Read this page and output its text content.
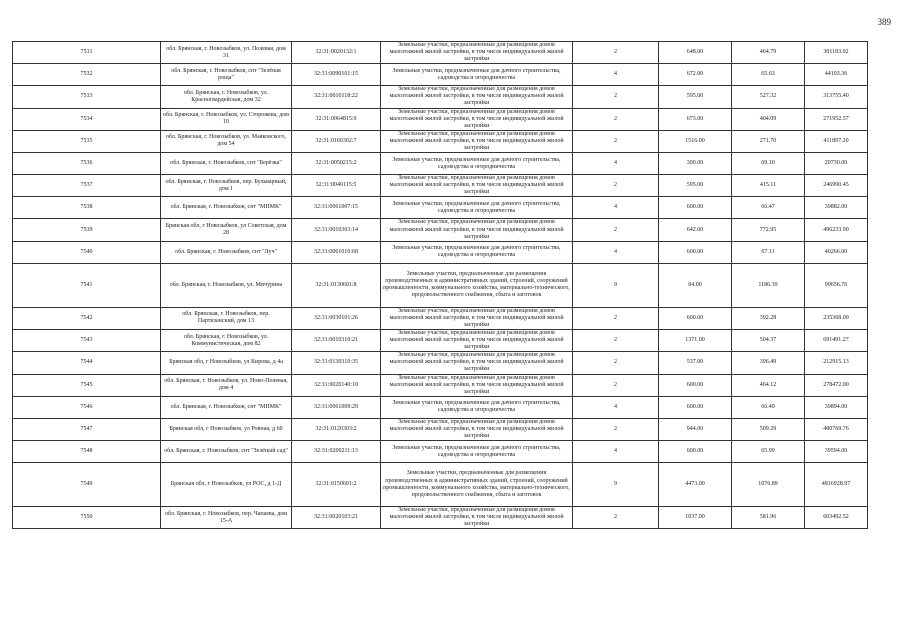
389
7531	обл. Брянская, г. Новозыбков, ул. Полевая, дом 31	32:31:0020132:1	Земельные участки, предназначенные для размещения домов малоэтажной жилой застройки, в том числе индивидуальной жилой застройки	2	648.00	464.79	301183.92
7532	обл. Брянская, г. Новозыбков, снт "Зелёная роща"	32:31:0090101:15	Земельные участки, предназначенные для дачного строительства, садоводства и огородничества	4	672.00	65.63	44103.36
7533	обл. Брянская, г. Новозыбков, ул. Красногвардейская, дом 32	32:31:0010118:22	Земельные участки, предназначенные для размещения домов малоэтажной жилой застройки, в том числе индивидуальной жилой застройки	2	595.00	527.32	313755.40
7534	обл. Брянская, г. Новозыбков, ул. Сторожева, дом 10	32:31:0064815:9	Земельные участки, предназначенные для размещения домов малоэтажной жилой застройки, в том числе индивидуальной жилой застройки	2	673.00	404.09	271952.57
7535	обл. Брянская, г. Новозыбков, ул. Маяковского, дом 54	32:31:0160302:7	Земельные участки, предназначенные для размещения домов малоэтажной жилой застройки, в том числе индивидуальной жилой застройки	2	1516.00	271.70	411897.20
7536	обл. Брянская, г. Новозыбков, снт "Берёзка"	32:31:0050215:2	Земельные участки, предназначенные для дачного строительства, садоводства и огородничества	4	300.00	69.10	20730.00
7537	обл. Брянская, г. Новозыбков, пер. Бульварный, дом 1	32:31:0040115:5	Земельные участки, предназначенные для размещения домов малоэтажной жилой застройки, в том числе индивидуальной жилой застройки	2	595.00	415.11	246990.45
7538	обл. Брянская, г. Новозыбков, снт "МПМК"	32:31:0061007:15	Земельные участки, предназначенные для дачного строительства, садоводства и огородничества	4	600.00	66.47	39882.00
7539	Брянская обл, г Новозыбков, ул Советская, дом 28	32:31:0010303:14	Земельные участки, предназначенные для размещения домов малоэтажной жилой застройки, в том числе индивидуальной жилой застройки	2	642.00	772.95	496233.90
7540	обл. Брянская, г. Новозыбков, снт "Луч"	32:31:0061010:68	Земельные участки, предназначенные для дачного строительства, садоводства и огородничества	4	600.00	67.11	40266.00
7541	обл. Брянская, г. Новозыбков, ул. Мичурина	32:31:0130601:8	Земельные участки, предназначенные для размещения производственных и административных зданий, строений, сооружений промышленности, коммунального хозяйства, материально-технического, продовольственного снабжения, сбыта и заготовок	9	84.00	1186.39	99656.76
7542	обл. Брянская, г. Новозыбков, пер. Партизанский, дом 13	32:31:0030101:26	Земельные участки, предназначенные для размещения домов малоэтажной жилой застройки, в том числе индивидуальной жилой застройки	2	600.00	392.28	235368.00
7543	обл. Брянская, г. Новозыбков, ул. Коммунистическая, дом 82	32:31:0010310:21	Земельные участки, предназначенные для размещения домов малоэтажной жилой застройки, в том числе индивидуальной жилой застройки	2	1371.00	504.37	691491.27
7544	Брянская обл, г Новозыбков, ул Кирова, д 4а	32:31:0130310:35	Земельные участки, предназначенные для размещения домов малоэтажной жилой застройки, в том числе индивидуальной жилой застройки	2	537.00	396.49	212915.13
7545	обл. Брянская, г. Новозыбков, ул. Ново-Полевая, дом 4	32:31:0020140:10	Земельные участки, предназначенные для размещения домов малоэтажной жилой застройки, в том числе индивидуальной жилой застройки	2	600.00	464.12	278472.00
7546	обл. Брянская, г. Новозыбков, снт "МПМК"	32:31:0061009:29	Земельные участки, предназначенные для дачного строительства, садоводства и огородничества	4	600.00	66.49	39894.00
7547	Брянская обл, г Новозыбков, ул Ровная, д 60	32:31:0120303:2	Земельные участки, предназначенные для размещения домов малоэтажной жилой застройки, в том числе индивидуальной жилой застройки	2	944.00	509.29	480769.76
7548	обл. Брянская, г. Новозыбков, снт "Зелёный сад"	32:31:0200211:13	Земельные участки, предназначенные для дачного строительства, садоводства и огородничества	4	600.00	65.99	39594.00
7549	Брянская обл, г Новозыбков, ул РОС, д 1-Д	32:31:0150601:2	Земельные участки, предназначенные для размещения производственных и административных зданий, строений, сооружений промышленности, коммунального хозяйства, материально-технического, продовольственного снабжения, сбыта и заготовок	9	4473.00	1076.89	4816928.97
7550	обл. Брянская, г. Новозыбков, пер. Чапаева, дом 15-А	32:31:0020103:21	Земельные участки, предназначенные для размещения домов малоэтажной жилой застройки, в том числе индивидуальной жилой застройки	2	1037.00	581.96	603492.52
